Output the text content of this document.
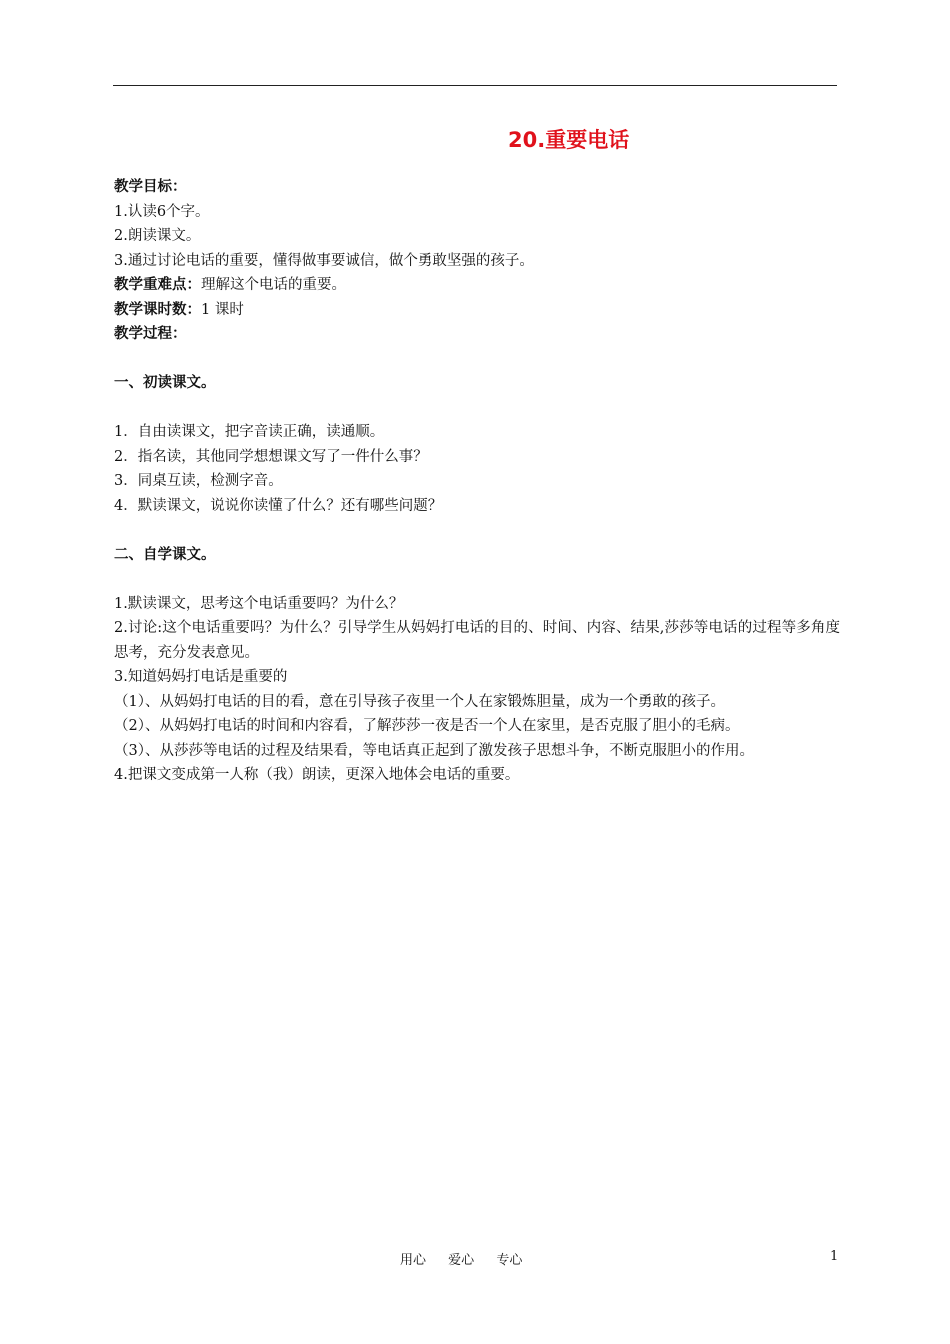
20.重要电话
教学目标：
1.认读6个字。
2.朗读课文。
3.通过讨论电话的重要，懂得做事要诚信，做个勇敢坚强的孩子。
教学重难点：理解这个电话的重要。
教学课时数：1 课时
教学过程：
一、初读课文。
1．自由读课文，把字音读正确，读通顺。
2．指名读，其他同学想想课文写了一件什么事？
3．同桌互读，检测字音。
4．默读课文，说说你读懂了什么？还有哪些问题？
二、自学课文。
1.默读课文，思考这个电话重要吗？为什么？
2.讨论:这个电话重要吗？为什么？引导学生从妈妈打电话的目的、时间、内容、结果,莎莎等电话的过程等多角度思考，充分发表意见。
3.知道妈妈打电话是重要的
（1）、从妈妈打电话的目的看，意在引导孩子夜里一个人在家锻炼胆量，成为一个勇敢的孩子。
（2）、从妈妈打电话的时间和内容看，了解莎莎一夜是否一个人在家里，是否克服了胆小的毛病。
（3）、从莎莎等电话的过程及结果看，等电话真正起到了激发孩子思想斗争，不断克服胆小的作用。
4.把课文变成第一人称（我）朗读，更深入地体会电话的重要。
用心 爱心 专心	1
